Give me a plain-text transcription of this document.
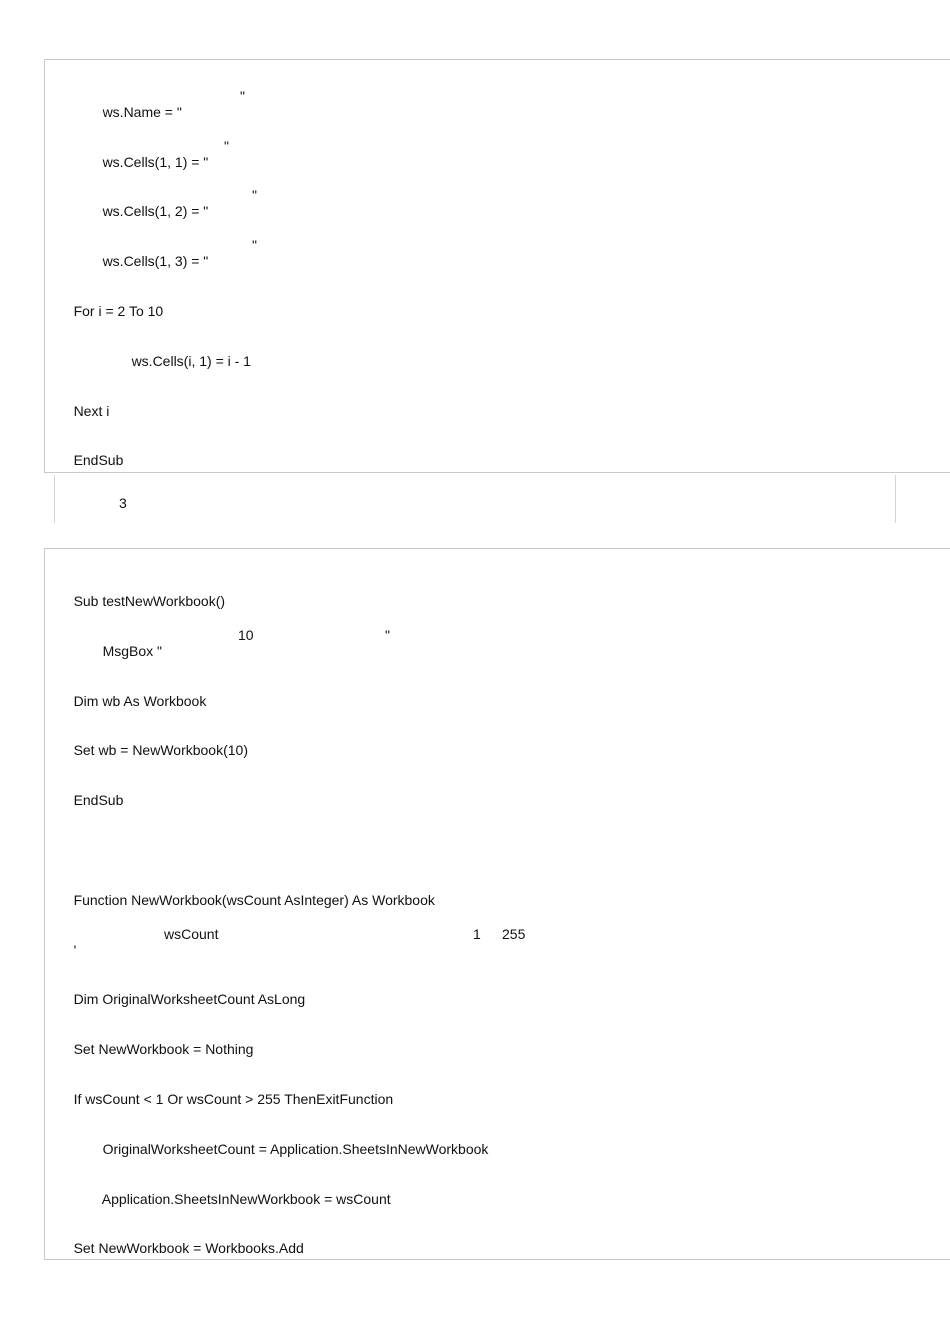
ws.Name = "

"

ws.Cells(1, 1) = "

"

ws.Cells(1, 2) = "

"

ws.Cells(1, 3) = "

"

For i = 2 To 10

ws.Cells(i, 1) = i - 1

Next i

EndSub

3

Sub testNewWorkbook()

MsgBox "

10	"

Dim wb As Workbook

Set wb = NewWorkbook(10)

EndSub

Function NewWorkbook(wsCount AsInteger) As Workbook

'

wsCount	1 255

Dim OriginalWorksheetCount AsLong

Set NewWorkbook = Nothing

If wsCount < 1 Or wsCount > 255 ThenExitFunction

OriginalWorksheetCount = Application.SheetsInNewWorkbook

Application.SheetsInNewWorkbook = wsCount

Set NewWorkbook = Workbooks.Add
